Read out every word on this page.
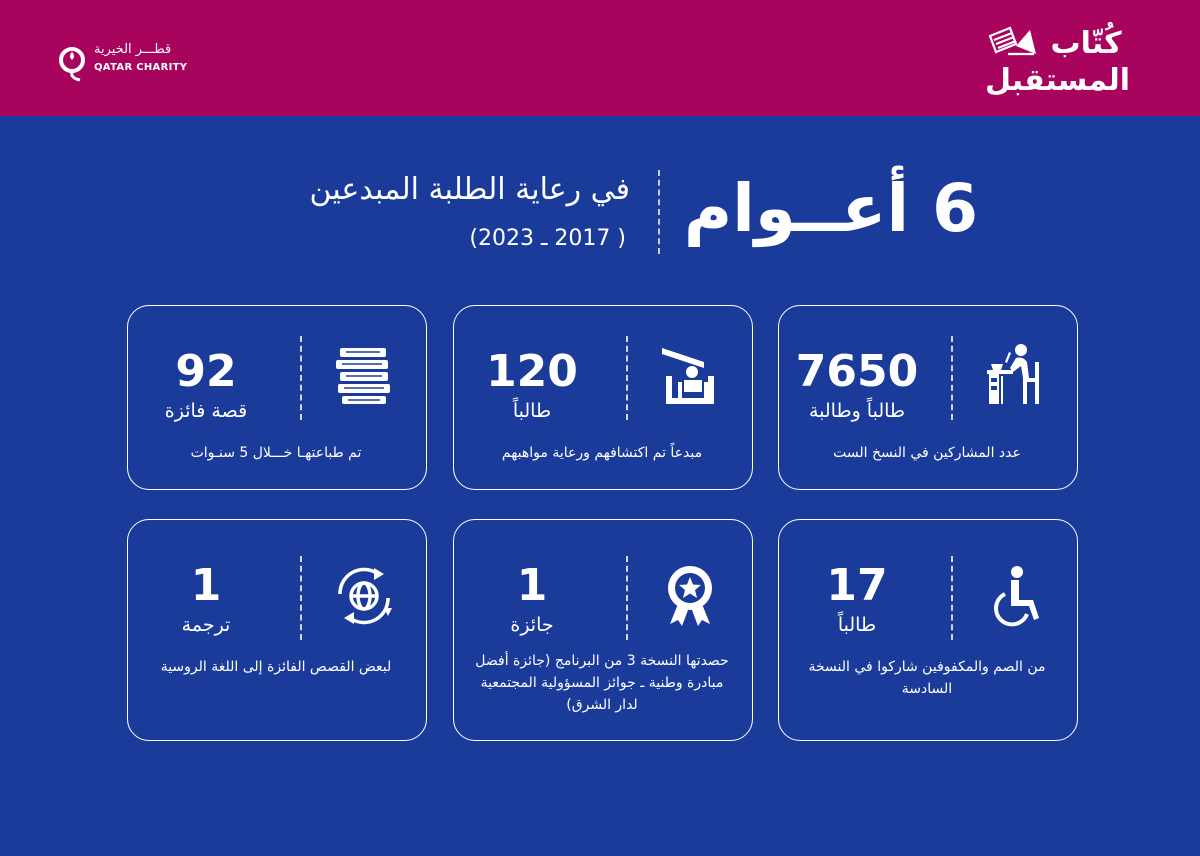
كُتّاب
المستقبل
قطـــر الخيرية
QATAR CHARITY
6 أعــوام
في رعاية الطلبة المبدعين
( 2017 ـ 2023)
7650
طالباً وطالبة
عدد المشاركين في النسخ الست
120
طالباً
مبدعاً تم اكتشافهم ورعاية مواهبهم
92
قصة فائزة
تم طباعتهـا خـــلال 5 سنـوات
17
طالباً
من الصم والمكفوفين شاركوا في النسخة السادسة
1
جائزة
حصدتها النسخة 3 من البرنامج (جائزة أفضل مبادرة وطنية ـ جوائز المسؤولية المجتمعية لدار الشرق)
1
ترجمة
لبعض القصص الفائزة إلى اللغة الروسية
